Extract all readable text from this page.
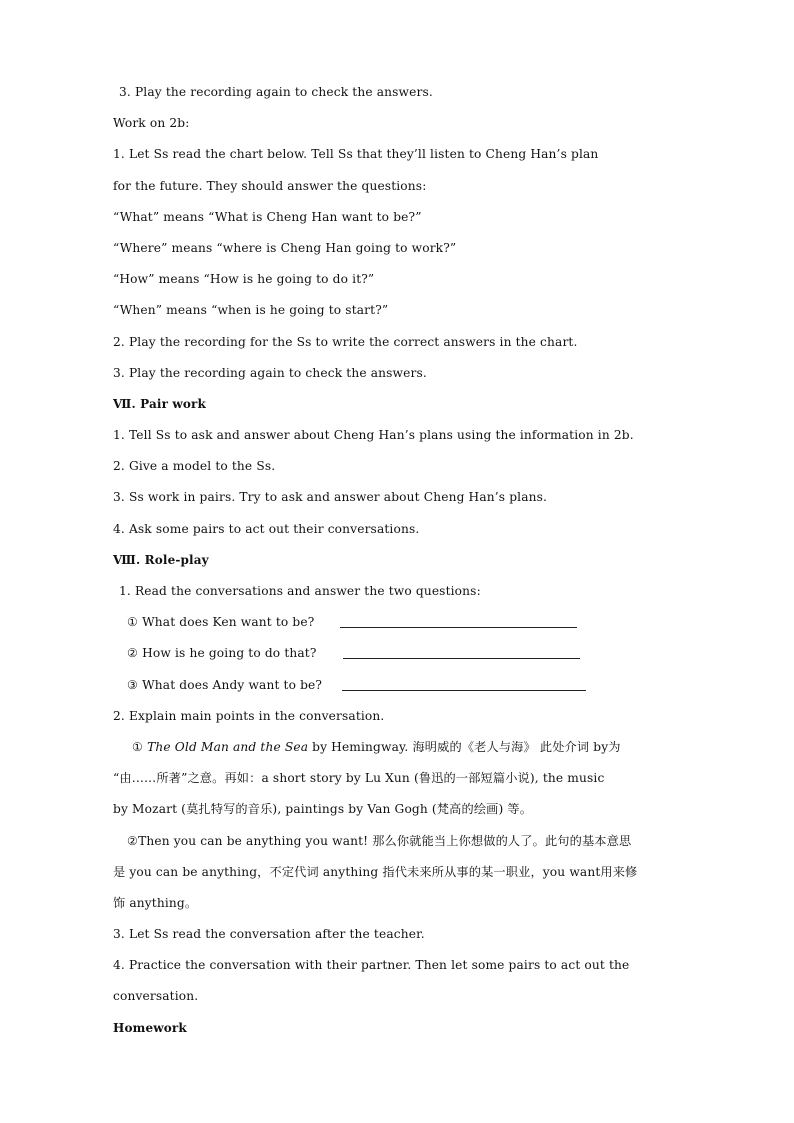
3. Play the recording again to check the answers.
Work on 2b:
1. Let Ss read the chart below. Tell Ss that they’ll listen to Cheng Han’s plan
for the future. They should answer the questions:
“What” means “What is Cheng Han want to be?”
“Where” means “where is Cheng Han going to work?”
“How” means “How is he going to do it?”
“When” means “when is he going to start?”
2. Play the recording for the Ss to write the correct answers in the chart.
3. Play the recording again to check the answers.
Ⅶ. Pair work
1. Tell Ss to ask and answer about Cheng Han’s plans using the information in 2b.
2. Give a model to the Ss.
3. Ss work in pairs. Try to ask and answer about Cheng Han’s plans.
4. Ask some pairs to act out their conversations.
Ⅷ. Role-play
1. Read the conversations and answer the two questions:
① What does Ken want to be?
② How is he going to do that?
③ What does Andy want to be?
2. Explain main points in the conversation.
① The Old Man and the Sea by Hemingway. 海明威的《老人与海》 此处介词 by为
“由……所著”之意。再如：a short story by Lu Xun (鲁迅的一部短篇小说), the music
by Mozart (莫扎特写的音乐), paintings by Van Gogh (梵高的绘画) 等。
②Then you can be anything you want! 那么你就能当上你想做的人了。此句的基本意思
是 you can be anything，不定代词 anything 指代未来所从事的某一职业，you want用来修
饰 anything。
3. Let Ss read the conversation after the teacher.
4. Practice the conversation with their partner. Then let some pairs to act out the
conversation.
Homework
